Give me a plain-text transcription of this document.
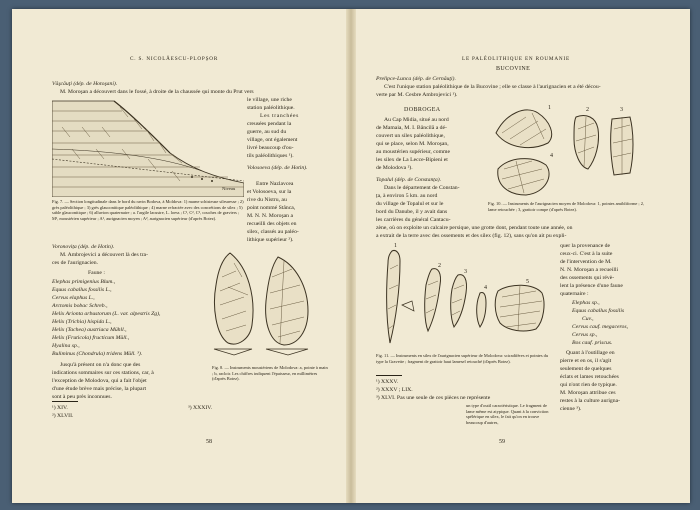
C. S. NICOLĂESCU-PLOPȘOR
Văşcăuţi (dép. de Hotoşani).
M. Moroşan a découvert dans le fossé, à droite de la chaussée qui monte du Prut vers
le village, une riche
station paléolithique.
Les tranchées
creusées pendant la
guerre, au sud du
village, ont également
livré beaucoup d'ou-
tils paléolithiques ¹).
Volosoeva (dép. de Hotin).
Entre Nazlavcea
et Volosoeva, sur la
rive du Nistru, au
point nommé Stânca,
M. N. N. Moroşan a
recueilli des objets en
silex, classés au paléo-
lithique supérieur ²).
Niveau
Fig. 7. — Section longitudinale dans le bord du ravin Bodova, à Moldova: 1) marne schisteuse sileuresse ; 2) grès paléolithique ; 3) grès glauconitique paléolithique ; 4) marne refractée avec des concrétions de silex ; 5) sable glauconitique ; 6) alluvion quaternaire ; a. l'argile lacustre, L. loess ; C¹, C², C³, couches de graviers ; M¹, moustérien supérieur ; A¹, aurignacien moyen ; A², aurignacien supérieur (d'après Botez).
Voronovița (dép. de Hotin).
M. Ambrojevici a découvert là des tra-
ces de l'aurignacien.
Faune :
Elephas primigenius Blum.,
Equus caballus fossilis L.,
Cervus elaphus L.,
Arctomis bobac Schreb.,
Helix Arionta arbustorum (L. var. alpestris Zg),
Helix (Trichia) hispida L.,
Helix (Tachea) austriaca Mühll.,
Helix (Fruticola) fructicum Müll.,
Hyalina sp.,
Buliminus (Chondrula) tridens Müll. ³).
Jusqu'à présent on n'a donc que des
indications sommaires sur ces stations, car, à
l'exception de Molodova, qui a fait l'objet
d'une étude brève mais précise, la plupart
sont à peu près inconnues.
Fig. 8. — Instruments moustériens de Molodova: a, pointe à main ; b, racloir. Les chiffres indiquent l'épaisseur, en millimètres (d'après Botez).
¹) XIV.
²) XLVII.
³) XXXIV.
58
LE PALÉOLITHIQUE EN ROUMANIE
BUCOVINE
Prelipce-Lunca (dép. de Cernăuţi).
C'est l'unique station paléolithique de la Bucovine ; elle se classe à l'aurignacien et a été décou-
verte par M. Cesbre Ambrojevici ¹).
DOBROGEA
Au Cap Midia, situé au nord
de Mamaia, M. I. Bâncilă a dé-
couvert un silex paléolithique,
qui se place, selon M. Moroşan,
au moustérien supérieur, comme
les silex de La Lecce-Bipieni et
de Molodova ²).
Topalul (dép. de Constanța).
Dans le département de Constan-
ța, à environ 5 km. au nord
du village de Topalul et sur le
bord du Danube, il y avait dans
les carrières du général Cantacu-
zène, où on exploite un calcaire persique, une grotte dont, pendant toute une année, on
a extrait de la terre avec des ossements et des silex (fig. 12), sans qu'on ait pu expli-
1	2	3
4
Fig. 10. — Instruments de l'aurignacien moyen de Molodova: 1, pointes amibliforme ; 2, lame retouchée ; 3, grattoir compe (d'après Botez).
1
2
3
4
5
Fig. 11. — Instruments en silex de l'aurignacien supérieur de Molodova: sciradifères et pointes du type la Gravette ; fragment de grattoir haut lamesel retouché (d'après Botez).
quer la provenance de
ceux-ci. C'est à la suite
de l'intervention de M.
N. N. Moroşan a recueilli
des ossements qui révè-
lent la présence d'une faune
quaternaire :
Elephas sp.,
Equus caballus fossilis
Cuv.,
Cervus cauf. megaceros,
Cervus sp.,
Bos cauf. priscus.
Quant à l'outillage en
pierre et en os, il s'agit
seulement de quelques
éclats et lames retouchées
qui n'ont rien de typique.
M. Moroşan attribue ces
restes à la culture aurigna-
cienne ³).
¹) XXXV.
²) XXXV ; LIX.
³) XLVI. Pas une seule de ces pièces ne représente
un type d'outil caractéristique. Le fragment de lame même est atypique. Quant à la conviction spélérique en silex, le fait qu'on en trouve beaucoup d'autres,
59
